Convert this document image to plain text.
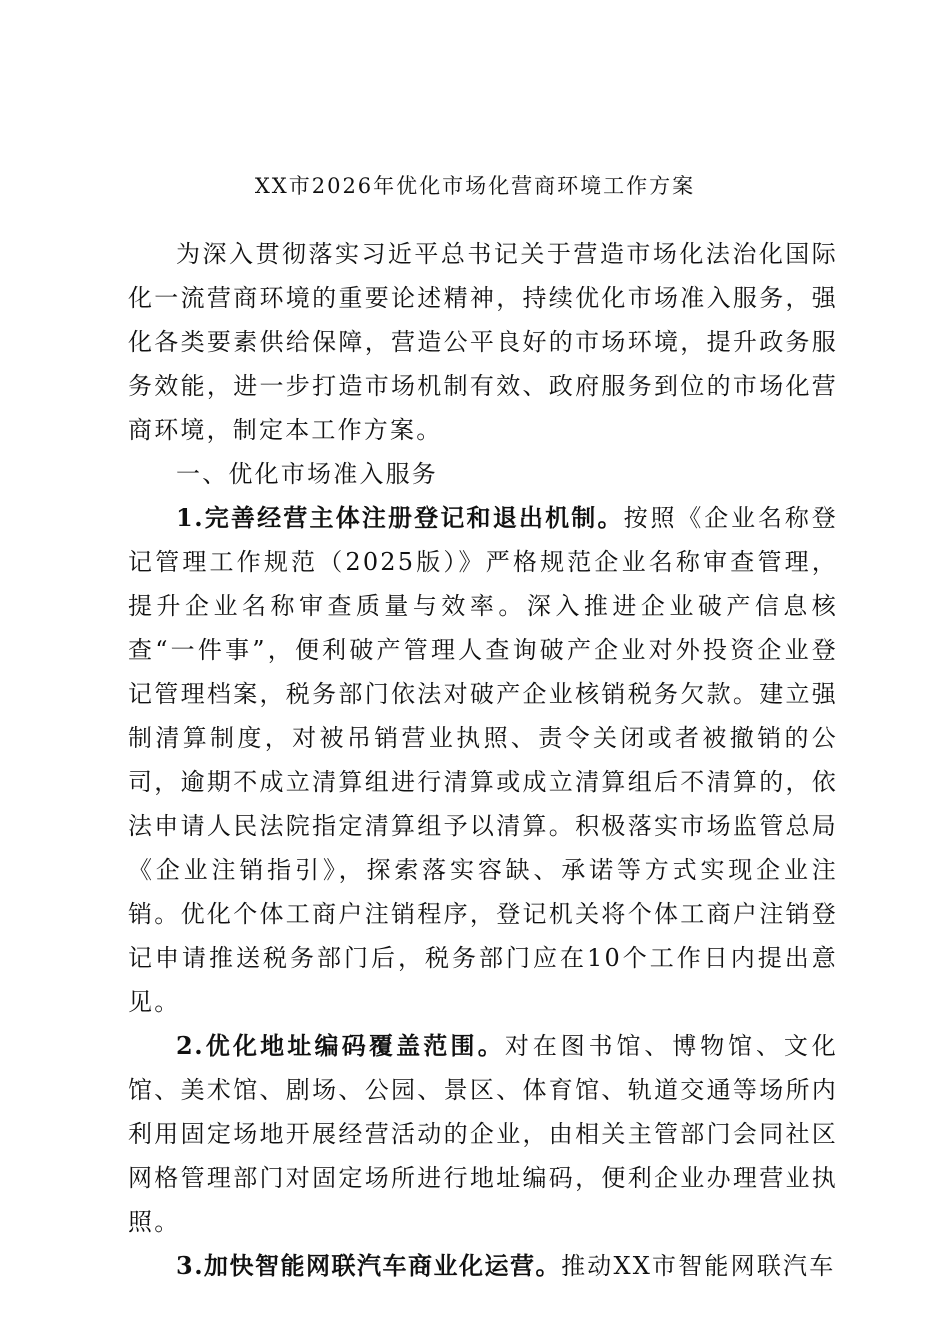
XX市2026年优化市场化营商环境工作方案

为深入贯彻落实习近平总书记关于营造市场化法治化国际化一流营商环境的重要论述精神，持续优化市场准入服务，强化各类要素供给保障，营造公平良好的市场环境，提升政务服务效能，进一步打造市场机制有效、政府服务到位的市场化营商环境，制定本工作方案。

一、优化市场准入服务

1.完善经营主体注册登记和退出机制。按照《企业名称登记管理工作规范（2025版）》严格规范企业名称审查管理，提升企业名称审查质量与效率。深入推进企业破产信息核查“一件事”，便利破产管理人查询破产企业对外投资企业登记管理档案，税务部门依法对破产企业核销税务欠款。建立强制清算制度，对被吊销营业执照、责令关闭或者被撤销的公司，逾期不成立清算组进行清算或成立清算组后不清算的，依法申请人民法院指定清算组予以清算。积极落实市场监管总局《企业注销指引》，探索落实容缺、承诺等方式实现企业注销。优化个体工商户注销程序，登记机关将个体工商户注销登记申请推送税务部门后，税务部门应在10个工作日内提出意见。

2.优化地址编码覆盖范围。对在图书馆、博物馆、文化馆、美术馆、剧场、公园、景区、体育馆、轨道交通等场所内利用固定场地开展经营活动的企业，由相关主管部门会同社区网格管理部门对固定场所进行地址编码，便利企业办理营业执照。

3.加快智能网联汽车商业化运营。推动XX市智能网联汽车
